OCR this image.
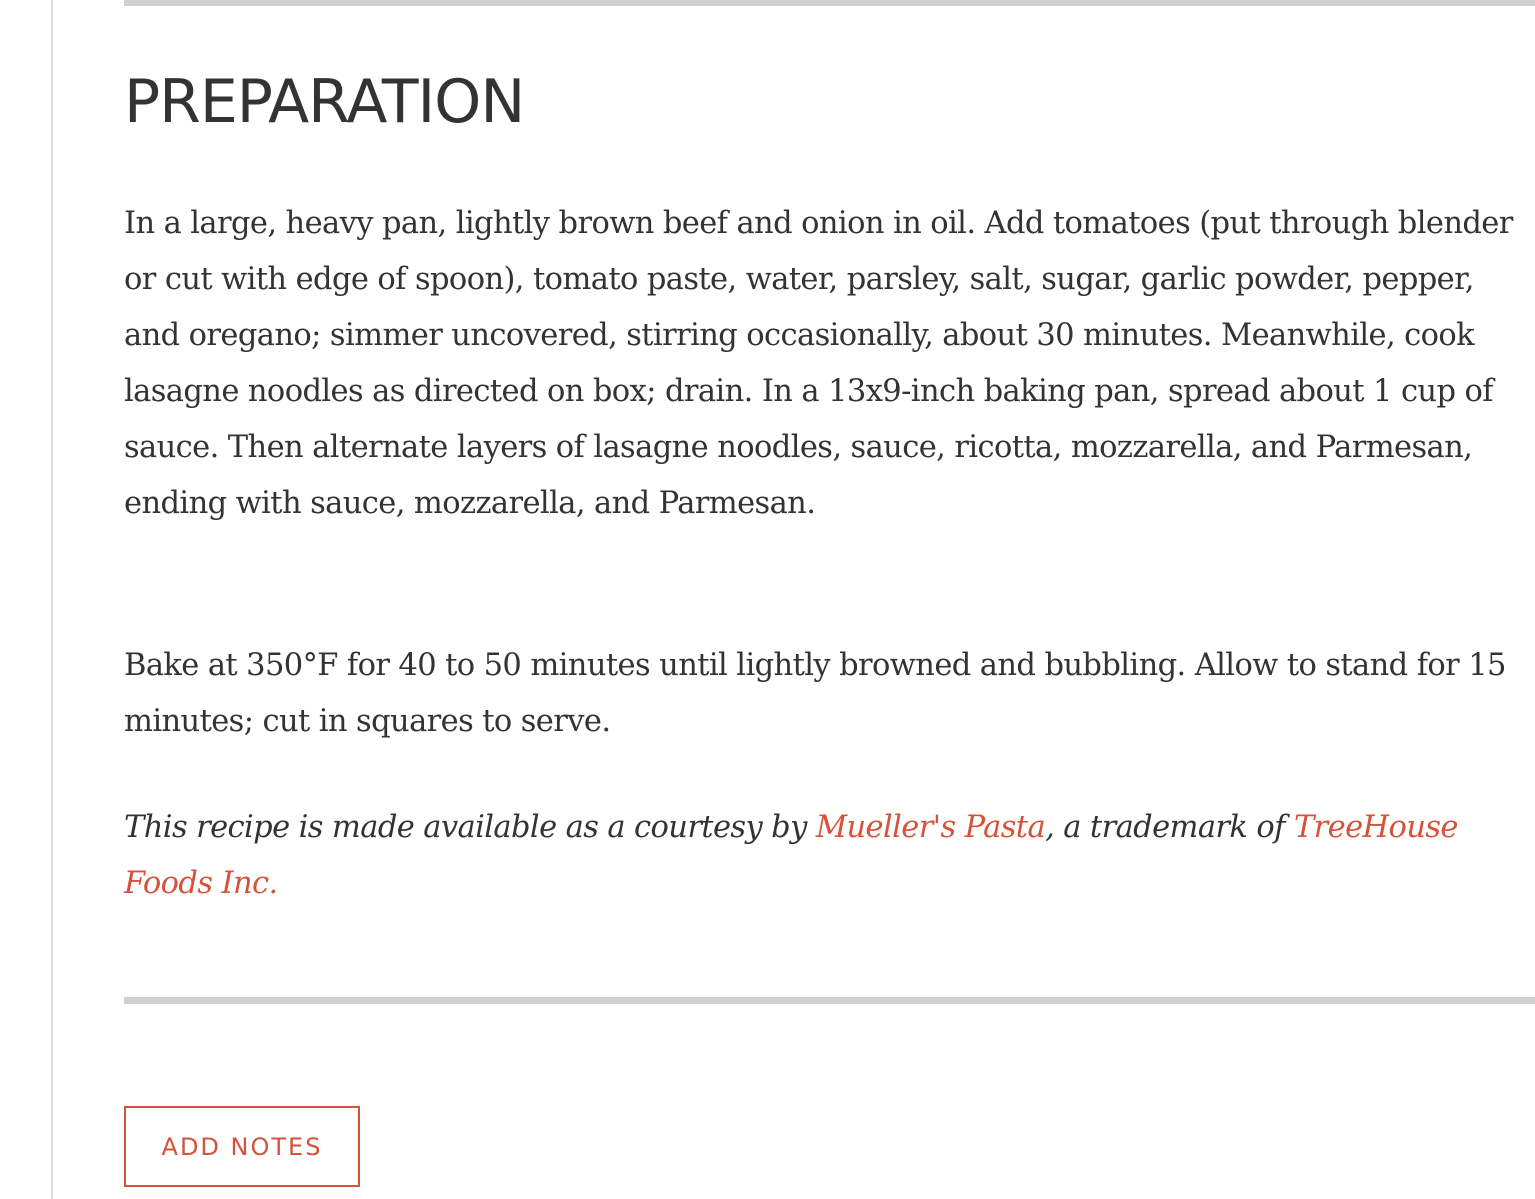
PREPARATION

In a large, heavy pan, lightly brown beef and onion in oil. Add tomatoes (put through blender or cut with edge of spoon), tomato paste, water, parsley, salt, sugar, garlic powder, pepper, and oregano; simmer uncovered, stirring occasionally, about 30 minutes. Meanwhile, cook lasagne noodles as directed on box; drain. In a 13x9-inch baking pan, spread about 1 cup of sauce. Then alternate layers of lasagne noodles, sauce, ricotta, mozzarella, and Parmesan, ending with sauce, mozzarella, and Parmesan.

Bake at 350°F for 40 to 50 minutes until lightly browned and bubbling. Allow to stand for 15 minutes; cut in squares to serve.

This recipe is made available as a courtesy by Mueller's Pasta, a trademark of TreeHouse Foods Inc.

ADD NOTES
